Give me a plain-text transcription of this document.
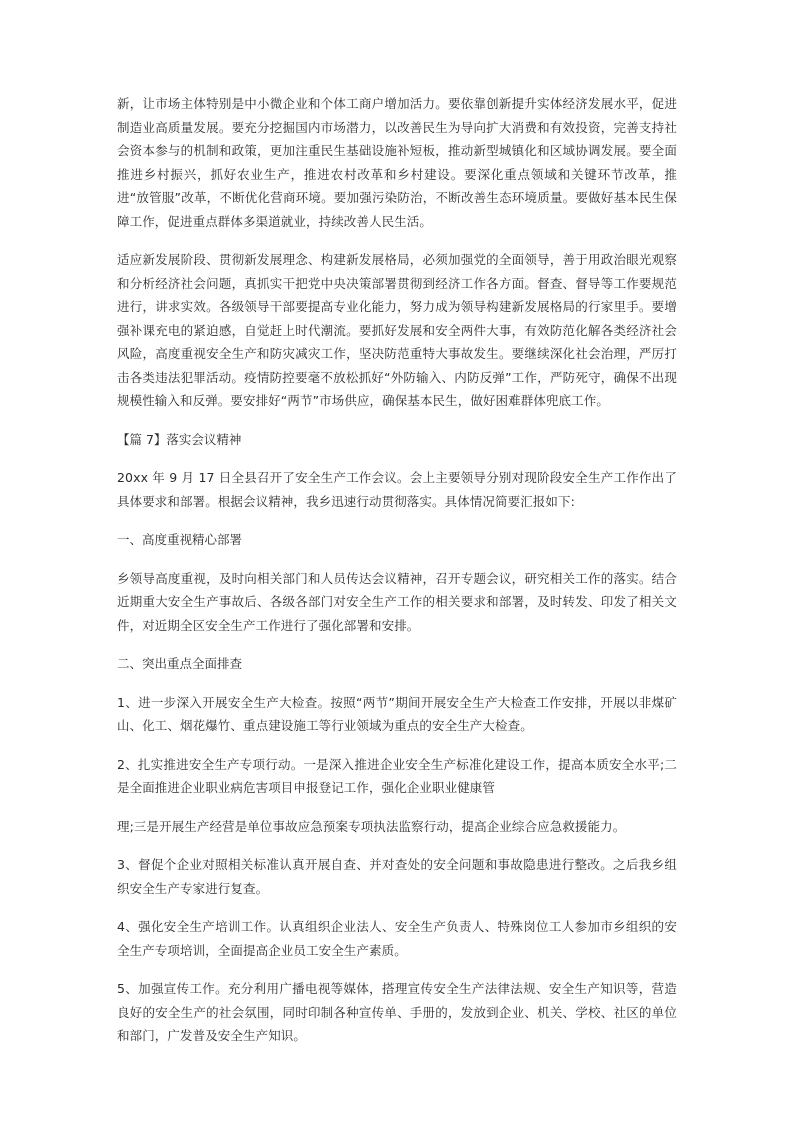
新，让市场主体特别是中小微企业和个体工商户增加活力。要依靠创新提升实体经济发展水平，促进制造业高质量发展。要充分挖掘国内市场潜力，以改善民生为导向扩大消费和有效投资，完善支持社会资本参与的机制和政策，更加注重民生基础设施补短板，推动新型城镇化和区域协调发展。要全面推进乡村振兴，抓好农业生产，推进农村改革和乡村建设。要深化重点领域和关键环节改革，推进“放管服”改革，不断优化营商环境。要加强污染防治，不断改善生态环境质量。要做好基本民生保障工作，促进重点群体多渠道就业，持续改善人民生活。

适应新发展阶段、贯彻新发展理念、构建新发展格局，必须加强党的全面领导，善于用政治眼光观察和分析经济社会问题，真抓实干把党中央决策部署贯彻到经济工作各方面。督查、督导等工作要规范进行，讲求实效。各级领导干部要提高专业化能力，努力成为领导构建新发展格局的行家里手。要增强补课充电的紧迫感，自觉赶上时代潮流。要抓好发展和安全两件大事，有效防范化解各类经济社会风险，高度重视安全生产和防灾减灾工作，坚决防范重特大事故发生。要继续深化社会治理，严厉打击各类违法犯罪活动。疫情防控要毫不放松抓好“外防输入、内防反弹”工作，严防死守，确保不出现规模性输入和反弹。要安排好“两节”市场供应，确保基本民生，做好困难群体兜底工作。

【篇 7】落实会议精神

20xx 年 9 月 17 日全县召开了安全生产工作会议。会上主要领导分别对现阶段安全生产工作作出了具体要求和部署。根据会议精神，我乡迅速行动贯彻落实。具体情况简要汇报如下:

一、高度重视精心部署

乡领导高度重视，及时向相关部门和人员传达会议精神，召开专题会议，研究相关工作的落实。结合近期重大安全生产事故后、各级各部门对安全生产工作的相关要求和部署，及时转发、印发了相关文件，对近期全区安全生产工作进行了强化部署和安排。

二、突出重点全面排查

1、进一步深入开展安全生产大检查。按照“两节”期间开展安全生产大检查工作安排，开展以非煤矿山、化工、烟花爆竹、重点建设施工等行业领域为重点的安全生产大检查。

2、扎实推进安全生产专项行动。一是深入推进企业安全生产标准化建设工作，提高本质安全水平;二是全面推进企业职业病危害项目申报登记工作，强化企业职业健康管

理;三是开展生产经营是单位事故应急预案专项执法监察行动，提高企业综合应急救援能力。

3、督促个企业对照相关标准认真开展自查、并对查处的安全问题和事故隐患进行整改。之后我乡组织安全生产专家进行复查。

4、强化安全生产培训工作。认真组织企业法人、安全生产负责人、特殊岗位工人参加市乡组织的安全生产专项培训，全面提高企业员工安全生产素质。

5、加强宣传工作。充分利用广播电视等媒体，搭理宣传安全生产法律法规、安全生产知识等，营造良好的安全生产的社会氛围，同时印制各种宣传单、手册的，发放到企业、机关、学校、社区的单位和部门，广发普及安全生产知识。
